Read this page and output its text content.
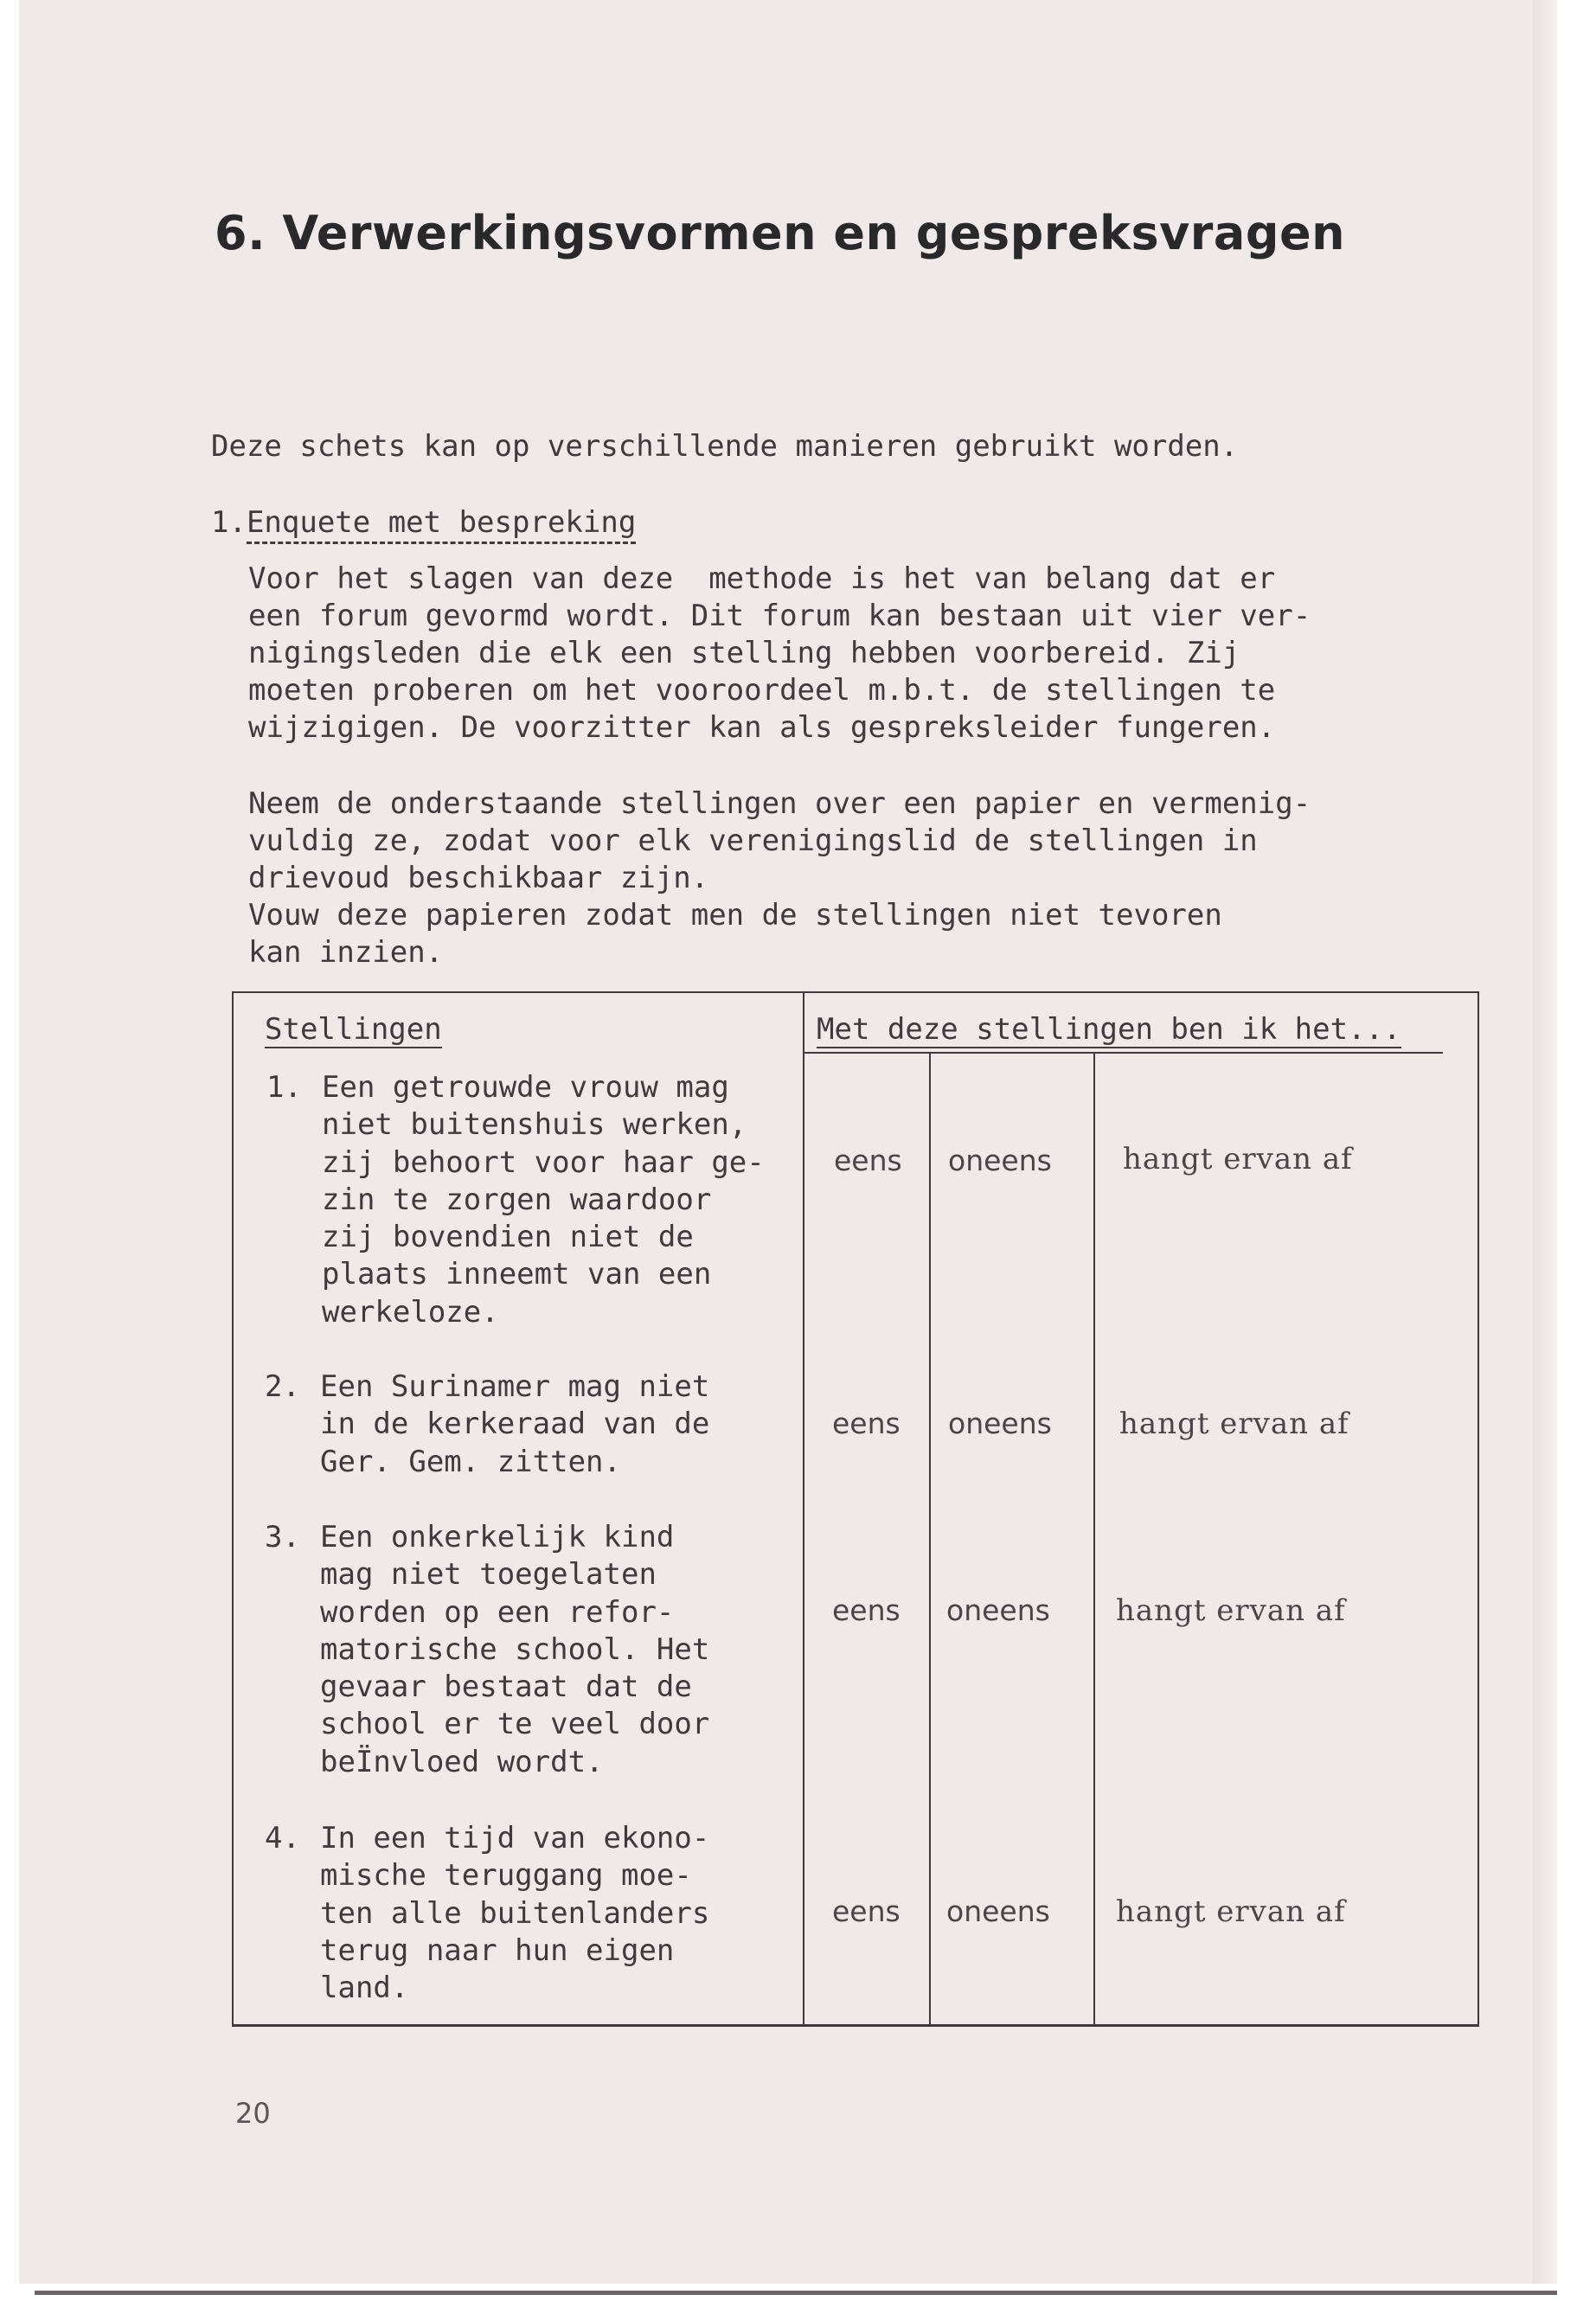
6. Verwerkingsvormen en gespreksvragen
Deze schets kan op verschillende manieren gebruikt worden.
1.Enquete met bespreking
Voor het slagen van deze  methode is het van belang dat er
een forum gevormd wordt. Dit forum kan bestaan uit vier ver-
nigingsleden die elk een stelling hebben voorbereid. Zij
moeten proberen om het vooroordeel m.b.t. de stellingen te
wijzigigen. De voorzitter kan als gespreksleider fungeren.
Neem de onderstaande stellingen over een papier en vermenig-
vuldig ze, zodat voor elk verenigingslid de stellingen in
drievoud beschikbaar zijn.
Vouw deze papieren zodat men de stellingen niet tevoren
kan inzien.
Stellingen	Met deze stellingen ben ik het...

1.

Een getrouwde vrouw mag
niet buitenshuis werken,
zij behoort voor haar ge-
zin te zorgen waardoor
zij bovendien niet de
plaats inneemt van een
werkeloze.

eens oneens hangt ervan af

2.

Een Surinamer mag niet
in de kerkeraad van de
Ger. Gem. zitten.

eens oneens hangt ervan af

3.

Een onkerkelijk kind
mag niet toegelaten
worden op een refor-
matorische school. Het
gevaar bestaat dat de
school er te veel door
beÏnvloed wordt.

eens oneens hangt ervan af

4.

In een tijd van ekono-
mische teruggang moe-
ten alle buitenlanders
terug naar hun eigen
land.

eens oneens hangt ervan af
20
